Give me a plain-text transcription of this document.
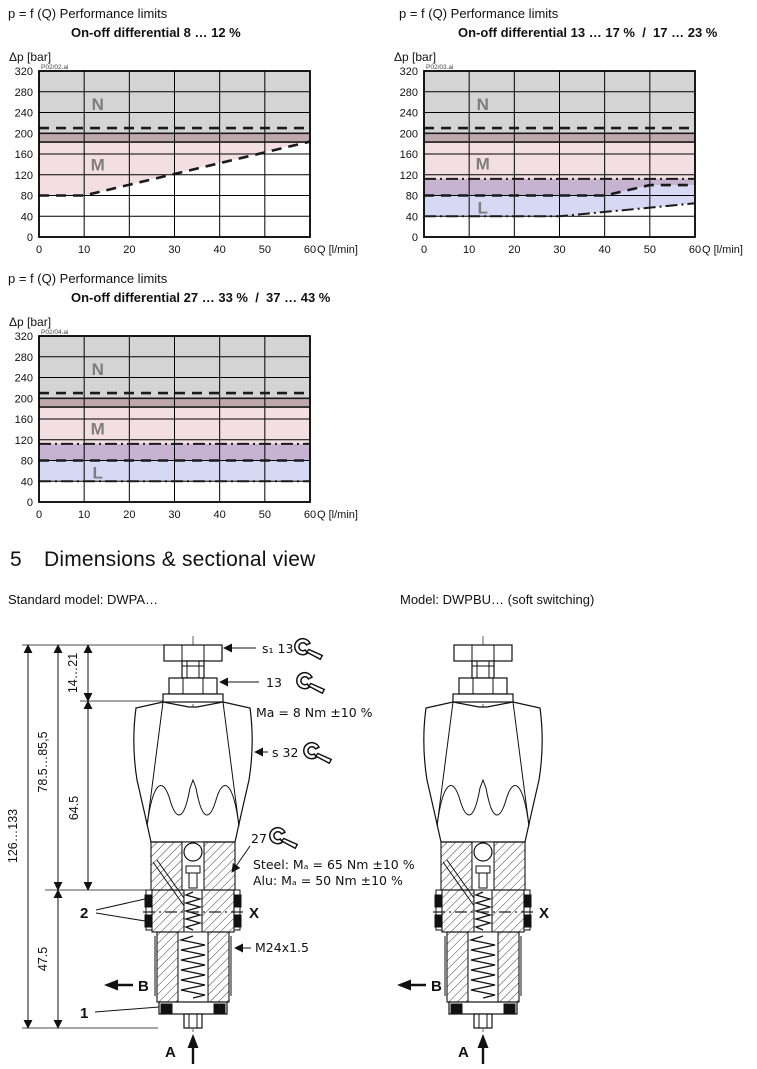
p = f (Q) Performance limits
On-off differential 8 … 12 %
p = f (Q) Performance limits
On-off differential 13 … 17 %  /  17 … 23 %
p = f (Q) Performance limits
On-off differential 27 … 33 %  /  37 … 43 %
N
M
0
40
80
120
160
200
240
280
320
0	10	20	30	40	50	60 Q [l/min]
Δp [bar]
P02/02.ai
N
M
L
0
40
80
120
160
200
240
280
320
0	10	20	30	40	50	60 Q [l/min]
Δp [bar]
P02/03.ai
N
M
L
0
40
80
120
160
200
240
280
320
0	10	20	30	40	50	60 Q [l/min]
Δp [bar]
P02/04.ai
5	Dimensions & sectional view
Standard model: DWPA…	Model: DWPBU… (soft switching)
126…133
78.5…85,5
64.5
14…21
47.5
s₁ 13
13
Ma = 8 Nm ±10 %
s 32
27
Steel: Mₐ = 65 Nm ±10 %
Alu: Mₐ = 50 Nm ±10 %
2	X
M24x1.5
B
1
A
X
B
A
